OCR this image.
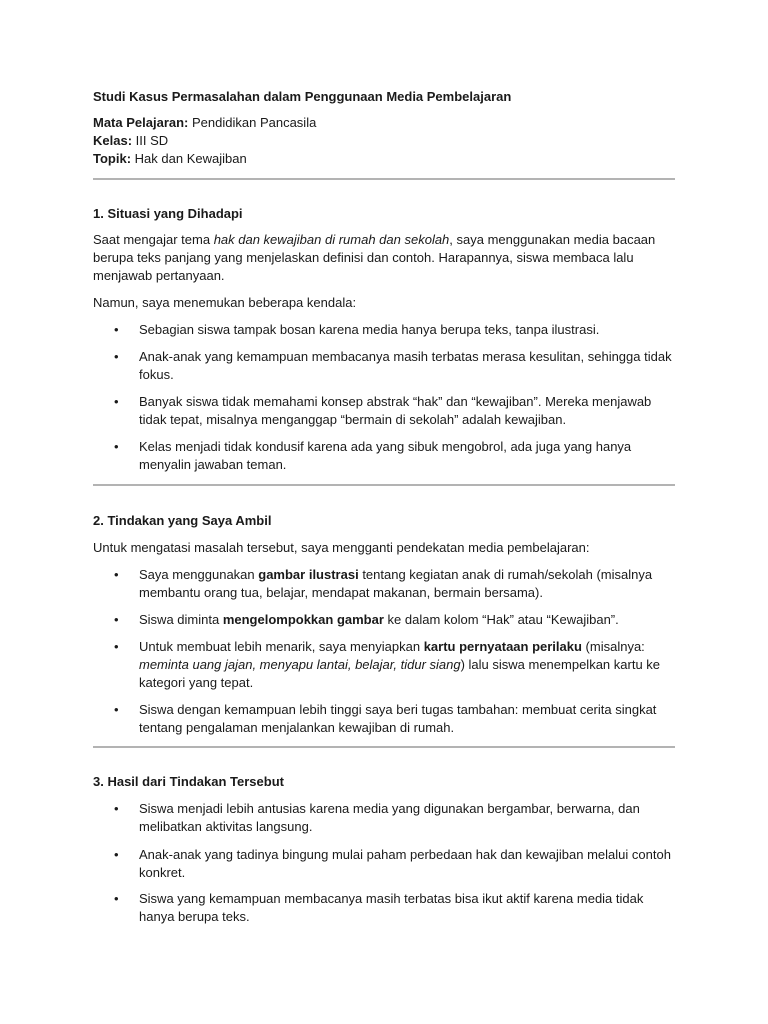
Studi Kasus Permasalahan dalam Penggunaan Media Pembelajaran

Mata Pelajaran: Pendidikan Pancasila

Kelas: III SD

Topik: Hak dan Kewajiban

1. Situasi yang Dihadapi

Saat mengajar tema hak dan kewajiban di rumah dan sekolah, saya menggunakan media bacaan berupa teks panjang yang menjelaskan definisi dan contoh. Harapannya, siswa membaca lalu menjawab pertanyaan.

Namun, saya menemukan beberapa kendala:

• Sebagian siswa tampak bosan karena media hanya berupa teks, tanpa ilustrasi.
• Anak-anak yang kemampuan membacanya masih terbatas merasa kesulitan, sehingga tidak fokus.
• Banyak siswa tidak memahami konsep abstrak “hak” dan “kewajiban”. Mereka menjawab tidak tepat, misalnya menganggap “bermain di sekolah” adalah kewajiban.
• Kelas menjadi tidak kondusif karena ada yang sibuk mengobrol, ada juga yang hanya menyalin jawaban teman.

2. Tindakan yang Saya Ambil

Untuk mengatasi masalah tersebut, saya mengganti pendekatan media pembelajaran:

• Saya menggunakan gambar ilustrasi tentang kegiatan anak di rumah/sekolah (misalnya membantu orang tua, belajar, mendapat makanan, bermain bersama).
• Siswa diminta mengelompokkan gambar ke dalam kolom “Hak” atau “Kewajiban”.
• Untuk membuat lebih menarik, saya menyiapkan kartu pernyataan perilaku (misalnya: meminta uang jajan, menyapu lantai, belajar, tidur siang) lalu siswa menempelkan kartu ke kategori yang tepat.
• Siswa dengan kemampuan lebih tinggi saya beri tugas tambahan: membuat cerita singkat tentang pengalaman menjalankan kewajiban di rumah.

3. Hasil dari Tindakan Tersebut

• Siswa menjadi lebih antusias karena media yang digunakan bergambar, berwarna, dan melibatkan aktivitas langsung.
• Anak-anak yang tadinya bingung mulai paham perbedaan hak dan kewajiban melalui contoh konkret.
• Siswa yang kemampuan membacanya masih terbatas bisa ikut aktif karena media tidak hanya berupa teks.
